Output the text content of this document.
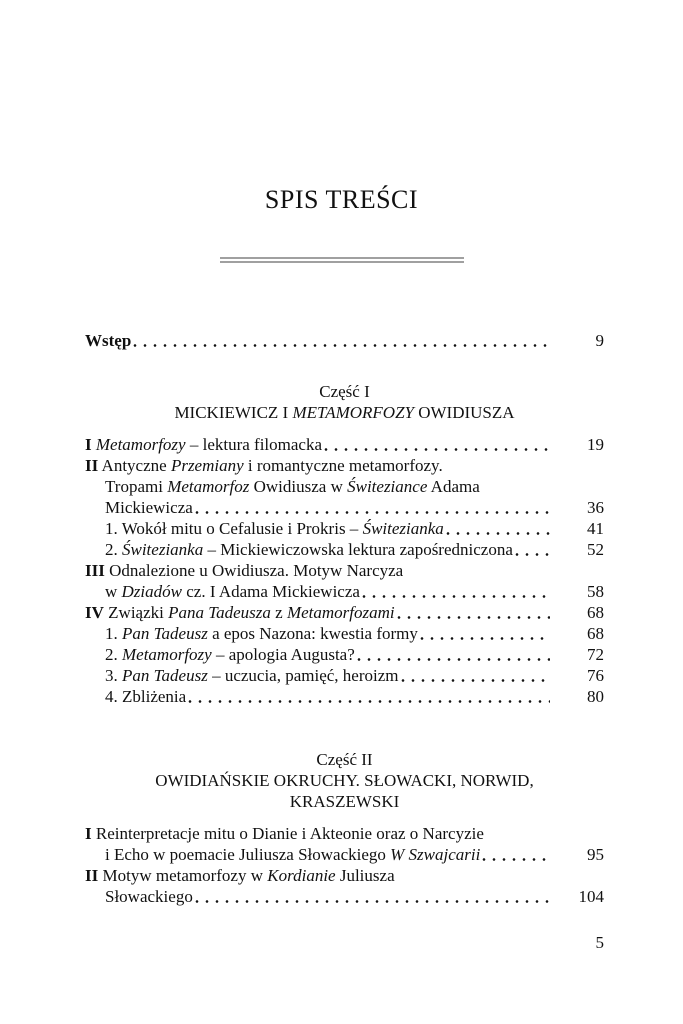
SPIS TREŚCI
Wstęp	9
Część I
MICKIEWICZ I METAMORFOZY OWIDIUSZA
I Metamorfozy – lektura filomacka	19
II Antyczne Przemiany i romantyczne metamorfozy.
Tropami Metamorfoz Owidiusza w Świteziance Adama
Mickiewicza	36
1. Wokół mitu o Cefalusie i Prokris – Świtezianka	41
2. Świtezianka – Mickiewiczowska lektura zapośredniczona	52
III Odnalezione u Owidiusza. Motyw Narcyza
w Dziadów cz. I Adama Mickiewicza	58
IV Związki Pana Tadeusza z Metamorfozami	68
1. Pan Tadeusz a epos Nazona: kwestia formy	68
2. Metamorfozy – apologia Augusta?	72
3. Pan Tadeusz – uczucia, pamięć, heroizm	76
4. Zbliżenia	80
Część II
OWIDIAŃSKIE OKRUCHY. SŁOWACKI, NORWID,
KRASZEWSKI
I Reinterpretacje mitu o Dianie i Akteonie oraz o Narcyzie
i Echo w poemacie Juliusza Słowackiego W Szwajcarii	95
II Motyw metamorfozy w Kordianie Juliusza
Słowackiego	104
5
